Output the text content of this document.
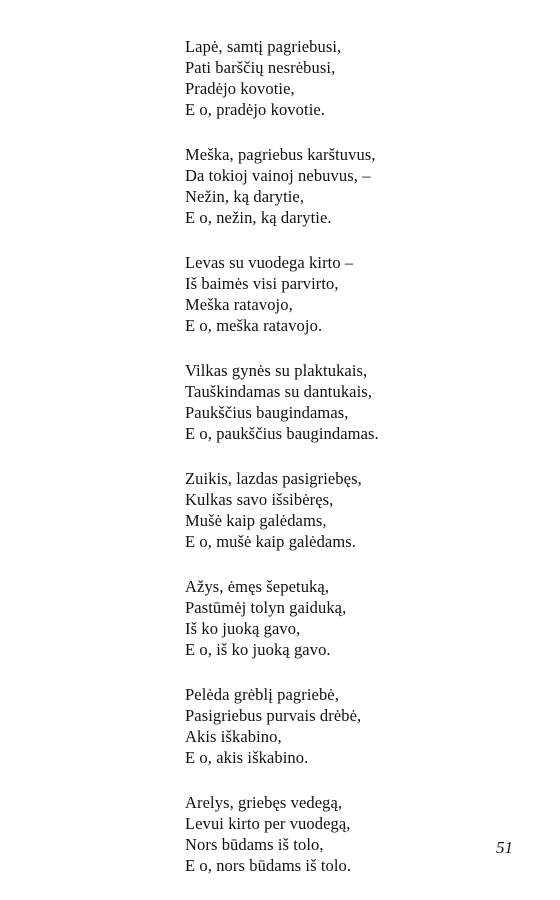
Lapė, samtį pagriebusi,
Pati barščių nesrėbusi,
Pradėjo kovotie,
E o, pradėjo kovotie.
Meška, pagriebus karštuvus,
Da tokioj vainoj nebuvus, –
Nežin, ką darytie,
E o, nežin, ką darytie.
Levas su vuodega kirto –
Iš baimės visi parvirto,
Meška ratavojo,
E o, meška ratavojo.
Vilkas gynės su plaktukais,
Tauškindamas su dantukais,
Paukščius baugindamas,
E o, paukščius baugindamas.
Zuikis, lazdas pasigriebęs,
Kulkas savo išsibėręs,
Mušė kaip galėdams,
E o, mušė kaip galėdams.
Ažys, ėmęs šepetuką,
Pastūmėj tolyn gaiduką,
Iš ko juoką gavo,
E o, iš ko juoką gavo.
Pelėda grėblį pagriebė,
Pasigriebus purvais drėbė,
Akis iškabino,
E o, akis iškabino.
Arelys, griebęs vedegą,
Levui kirto per vuodegą,
Nors būdams iš tolo,
E o, nors būdams iš tolo.
51
